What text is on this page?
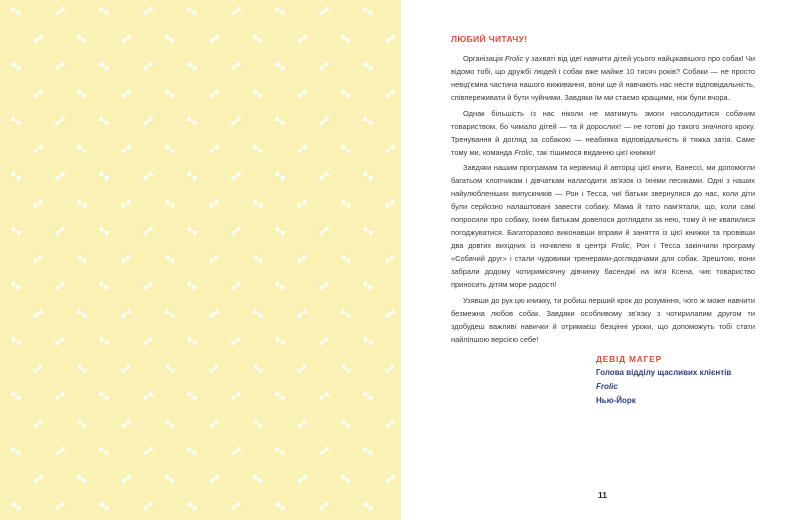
ЛЮБИЙ ЧИТАЧУ!

Організація Frolic у захваті від ідеї навчити дітей усього найцікавішого про собак! Чи відомо тобі, що дружбі людей і собак вже майже 10 тисяч років? Собаки — не просто невід'ємна частина нашого виживання, вони ще й навчають нас нести відповідальність, співпереживати й бути чуйними. Завдяки їм ми стаємо кращими, ніж були вчора.

Однак більшість із нас ніколи не матимуть змоги насолодитися собачим товариством, бо чимало дітей — та й дорослих! — не готові до такого значного кроку. Тренування й догляд за собакою — неабияка відповідальність й тяжка затія. Саме тому ми, команда Frolic, так тішимося виданню цієї книжки!

Завдяки нашим програмам та керівниці й авторці цієї книги, Ванессі, ми допомогли багатьом хлопчикам і дівчаткам налагодити зв'язок із їхніми песиками. Одні з наших найулюбленіших випускників — Рон і Тесса, чиї батьки звернулися до нас, коли діти були серйозно налаштовані завести собаку. Мама й тато пам'ятали, що, коли самі попросили про собаку, їхнім батькам довелося доглядати за нею, тому й не квапилися погоджуватися. Багаторазово виконавши вправи й заняття із цієї книжки та провівши два довгих вихідних із ночівлею в центрі Frolic, Рон і Тесса закінчили програму «Собачий друг» і стали чудовими тренерами-доглядачами для собак. Зрештою, вони забрали додому чотиримісячну дівчинку басенджі на ім'я Ксена, чиє товариство приносить дітям море радості!

Узявши до рук цю книжку, ти робиш перший крок до розуміння, чого ж може навчити безмежна любов собак. Завдяки особливому зв'язку з чотирилапим другом ти здобудеш важливі навички й отримаєш безцінні уроки, що допоможуть тобі стати найліпшою версією себе!

ДЕВІД МАГЕР
Голова відділу щасливих клієнтів
Frolic
Нью-Йорк
11
